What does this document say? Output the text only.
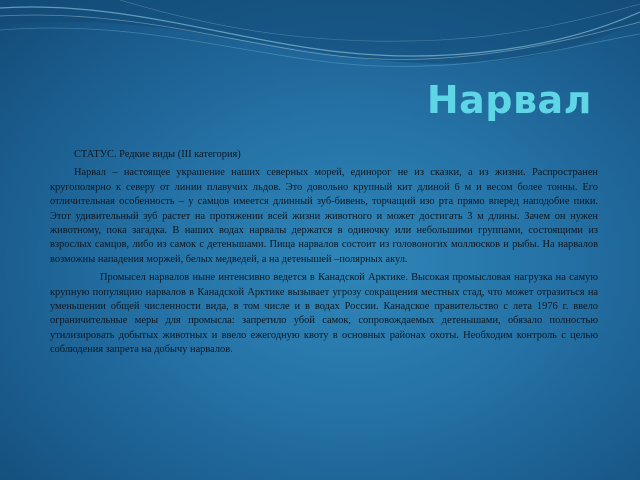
Нарвал

СТАТУС. Редкие виды (III категория)

Нарвал – настоящее украшение наших северных морей, единорог не из сказки, а из жизни. Распространен кругополярно к северу от линии плавучих льдов. Это довольно крупный кит длиной 6 м и весом более тонны. Его отличительная особенность – у самцов имеется длинный зуб-бивень, торчащий изо рта прямо вперед наподобие пики. Этот удивительный зуб растет на протяжении всей жизни животного и может достигать 3 м длины. Зачем он нужен животному, пока загадка. В наших водах нарвалы держатся в одиночку или небольшими группами, состоящими из взрослых самцов, либо из самок с детенышами. Пища нарвалов состоит из головоногих моллюсков и рыбы. На нарвалов возможны нападения моржей, белых медведей, а на детенышей –полярных акул.

Промысел нарвалов ныне интенсивно ведется в Канадской Арктике. Высокая промысловая нагрузка на самую крупную популяцию нарвалов в Канадской Арктике вызывает угрозу сокращения местных стад, что может отразиться на уменьшении общей численности вида, в том числе и в водах России. Канадское правительство с лета 1976 г. ввело ограничительные меры для промысла: запретило убой самок, сопровождаемых детенышами, обязало полностью утилизировать добытых животных и ввело ежегодную квоту в основных районах охоты. Необходим контроль с целью соблюдения запрета на добычу нарвалов.
